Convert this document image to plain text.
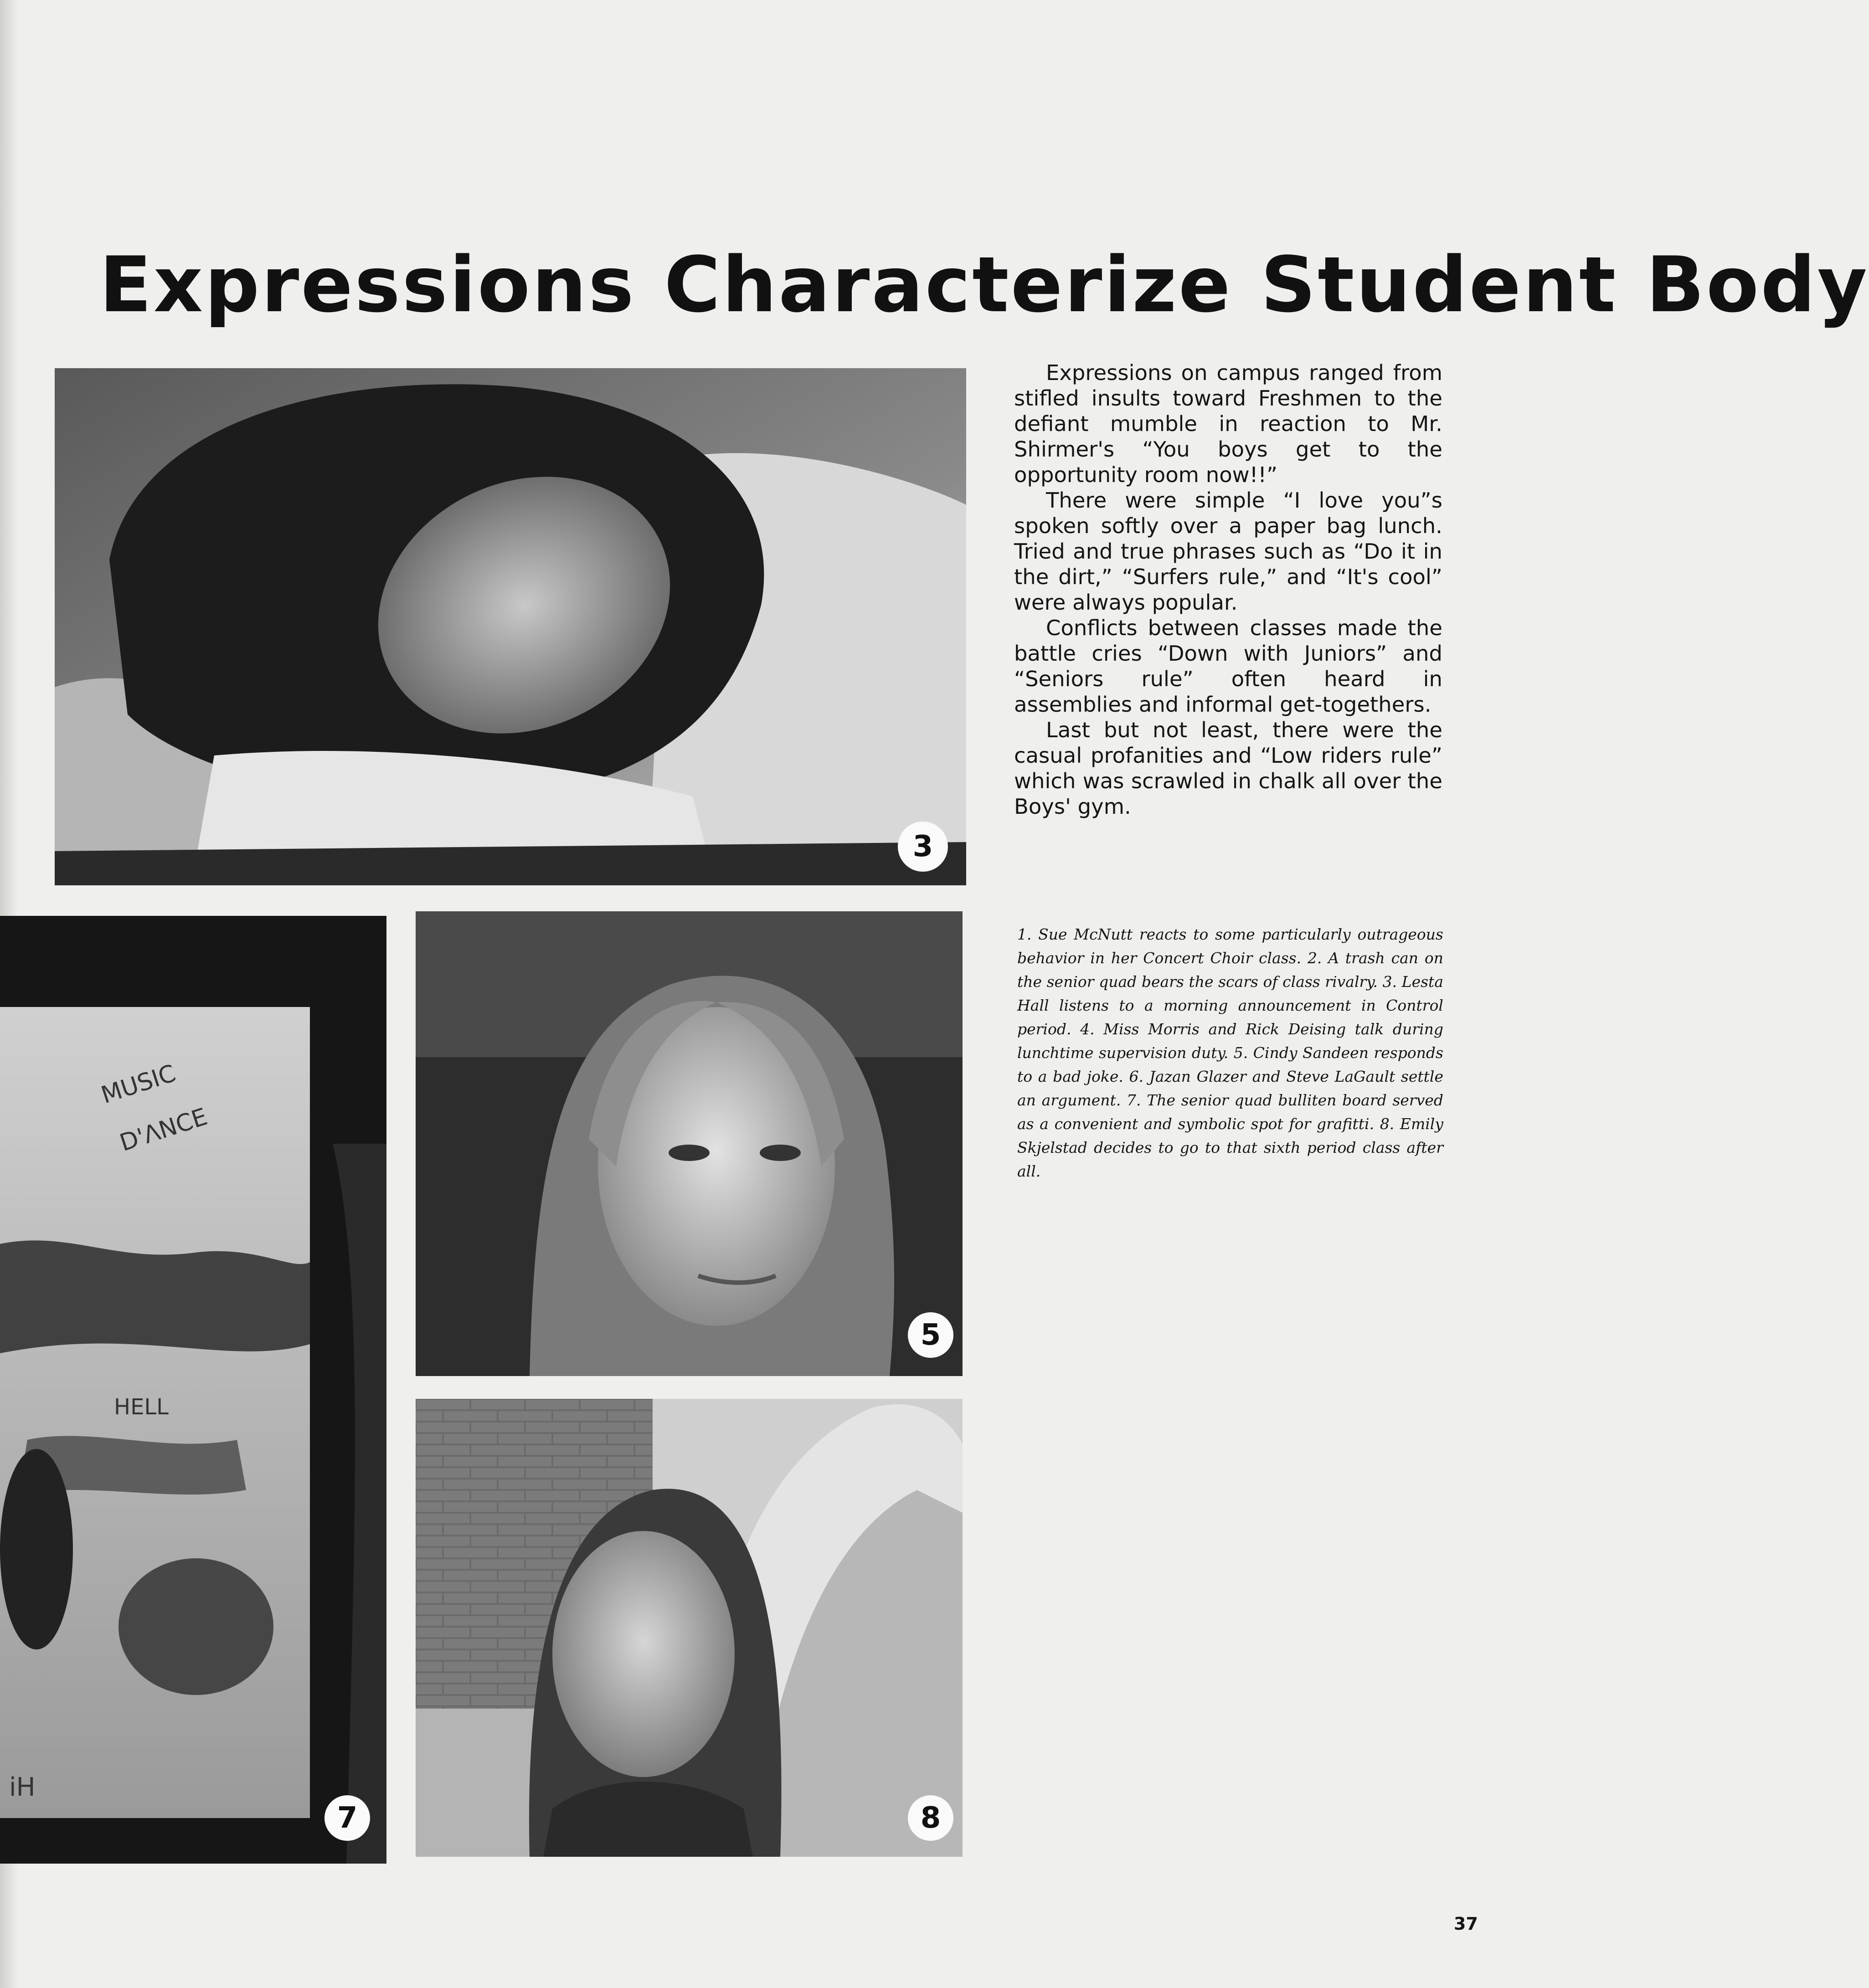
Expressions Characterize Student Body
3
MUSIC
D'ΛNCE
HELL
iH
7
5
8

Expressions on campus ranged from stifled insults toward Freshmen to the defiant mumble in reaction to Mr. Shirmer's “You boys get to the opportunity room now!!”

There were simple “I love you”s spoken softly over a paper bag lunch. Tried and true phrases such as “Do it in the dirt,” “Surfers rule,” and “It's cool” were always popular.

Conflicts between classes made the battle cries “Down with Juniors” and “Seniors rule” often heard in assemblies and informal get-togethers.

Last but not least, there were the casual profanities and “Low riders rule” which was scrawled in chalk all over the Boys' gym.

1. Sue McNutt reacts to some particularly outrageous behavior in her Concert Choir class. 2. A trash can on the senior quad bears the scars of class rivalry. 3. Lesta Hall listens to a morning announcement in Control period. 4. Miss Morris and Rick Deising talk during lunchtime supervision duty. 5. Cindy Sandeen responds to a bad joke. 6. Jazan Glazer and Steve LaGault settle an argument. 7. The senior quad bulliten board served as a convenient and symbolic spot for grafitti. 8. Emily Skjelstad decides to go to that sixth period class after all.
37
